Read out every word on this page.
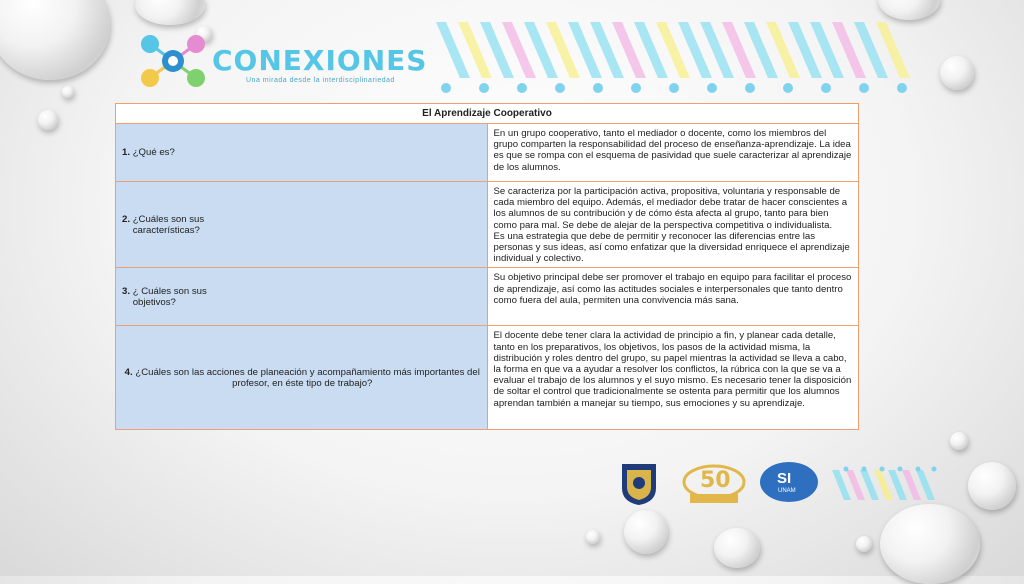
CONEXIONES
Una mirada desde la interdisciplinariedad
El Aprendizaje Cooperativo	
1. ¿Qué es?	En un grupo cooperativo, tanto el mediador o docente, como los miembros del grupo comparten la responsabilidad del proceso de enseñanza-aprendizaje. La idea es que se rompa con el esquema de pasividad que suele caracterizar al aprendizaje de los alumnos.
2. ¿Cuáles son sus características?	Se caracteriza por la participación activa, propositiva, voluntaria y responsable de cada miembro del equipo. Además, el mediador debe tratar de hacer conscientes a los alumnos de su contribución y de cómo ésta afecta al grupo, tanto para bien como para mal. Se debe de alejar de la perspectiva competitiva o individualista.
Es una estrategia que debe de permitir y reconocer las diferencias entre las personas y sus ideas, así como enfatizar que la diversidad enriquece el aprendizaje individual y colectivo.

3. ¿ Cuáles son sus objetivos?	Su objetivo principal debe ser promover el trabajo en equipo para facilitar el proceso de aprendizaje, así como las actitudes sociales e interpersonales que tanto dentro como fuera del aula, permiten una convivencia más sana.
4. ¿Cuáles son las acciones de planeación y acompañamiento más importantes del profesor, en éste tipo de trabajo?	El docente debe tener clara la actividad de principio a fin, y planear cada detalle, tanto en los preparativos, los objetivos, los pasos de la actividad misma, la distribución y roles dentro del grupo, su papel mientras la actividad se lleva a cabo, la forma en que va a ayudar a resolver los conflictos, la rúbrica con la que se va a evaluar el trabajo de los alumnos y el suyo mismo. Es necesario tener la disposición de soltar el control que tradicionalmente se ostenta para permitir que los alumnos aprendan también a manejar su tiempo, sus emociones y su aprendizaje.
50	SI
UNAM
